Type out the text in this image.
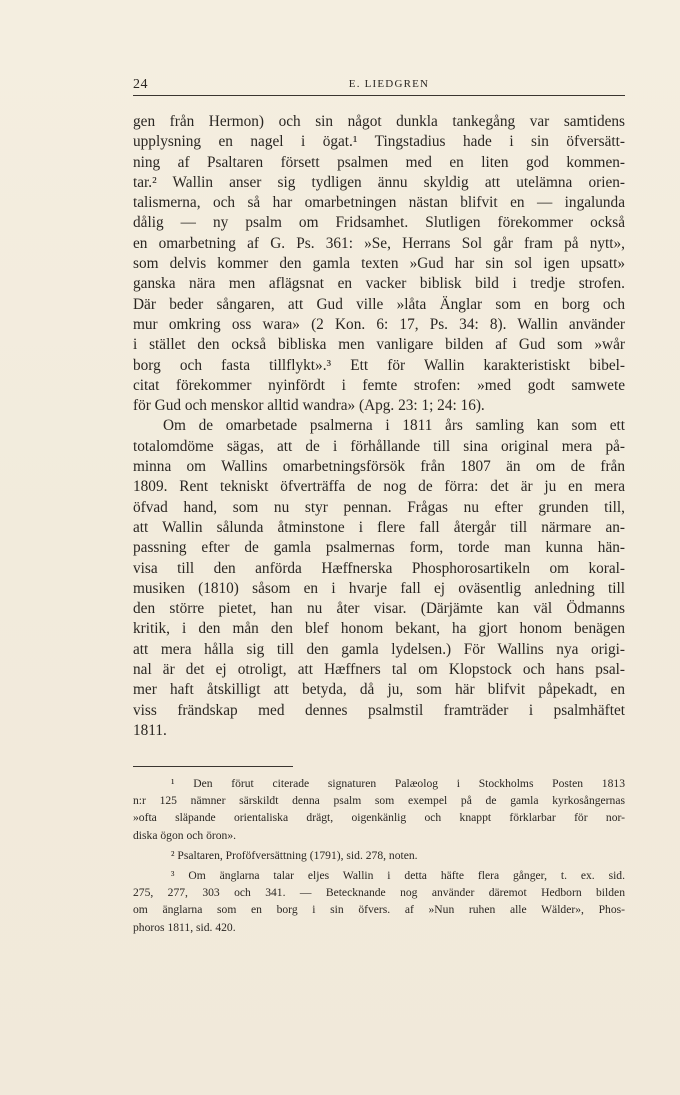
24	E. LIEDGREN
gen från Hermon) och sin något dunkla tankegång var samtidens
upplysning en nagel i ögat.¹ Tingstadius hade i sin öfversätt-
ning af Psaltaren försett psalmen med en liten god kommen-
tar.² Wallin anser sig tydligen ännu skyldig att utelämna orien-
talismerna, och så har omarbetningen nästan blifvit en — ingalunda
dålig — ny psalm om Fridsamhet. Slutligen förekommer också
en omarbetning af G. Ps. 361: »Se, Herrans Sol går fram på nytt»,
som delvis kommer den gamla texten »Gud har sin sol igen upsatt»
ganska nära men aflägsnat en vacker biblisk bild i tredje strofen.
Där beder sångaren, att Gud ville »låta Änglar som en borg och
mur omkring oss wara» (2 Kon. 6: 17, Ps. 34: 8). Wallin använder
i stället den också bibliska men vanligare bilden af Gud som »wår
borg och fasta tillflykt».³ Ett för Wallin karakteristiskt bibel-
citat förekommer nyinfördt i femte strofen: »med godt samwete
för Gud och menskor alltid wandra» (Apg. 23: 1; 24: 16).
Om de omarbetade psalmerna i 1811 års samling kan som ett
totalomdöme sägas, att de i förhållande till sina original mera på-
minna om Wallins omarbetningsförsök från 1807 än om de från
1809. Rent tekniskt öfverträffa de nog de förra: det är ju en mera
öfvad hand, som nu styr pennan. Frågas nu efter grunden till,
att Wallin sålunda åtminstone i flere fall återgår till närmare an-
passning efter de gamla psalmernas form, torde man kunna hän-
visa till den anförda Hæffnerska Phosphorosartikeln om koral-
musiken (1810) såsom en i hvarje fall ej oväsentlig anledning till
den större pietet, han nu åter visar. (Därjämte kan väl Ödmanns
kritik, i den mån den blef honom bekant, ha gjort honom benägen
att mera hålla sig till den gamla lydelsen.) För Wallins nya origi-
nal är det ej otroligt, att Hæffners tal om Klopstock och hans psal-
mer haft åtskilligt att betyda, då ju, som här blifvit påpekadt, en
viss frändskap med dennes psalmstil framträder i psalmhäftet
1811.
¹ Den förut citerade signaturen Palæolog i Stockholms Posten 1813
n:r 125 nämner särskildt denna psalm som exempel på de gamla kyrkosångernas
»ofta släpande orientaliska drägt, oigenkänlig och knappt förklarbar för nor-
diska ögon och öron».
² Psaltaren, Proföfversättning (1791), sid. 278, noten.
³ Om änglarna talar eljes Wallin i detta häfte flera gånger, t. ex. sid.
275, 277, 303 och 341. — Betecknande nog använder däremot Hedborn bilden
om änglarna som en borg i sin öfvers. af »Nun ruhen alle Wälder», Phos-
phoros 1811, sid. 420.
